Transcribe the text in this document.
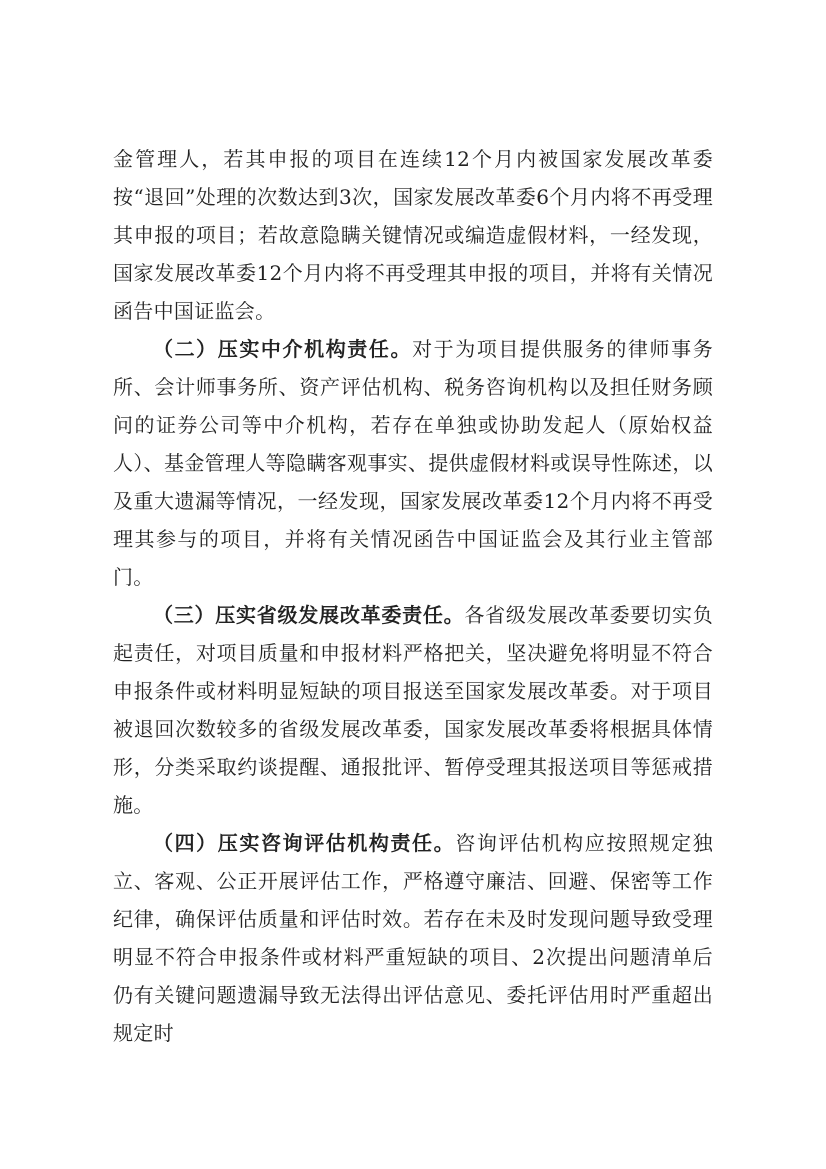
金管理人，若其申报的项目在连续12个月内被国家发展改革委按“退回”处理的次数达到3次，国家发展改革委6个月内将不再受理其申报的项目；若故意隐瞒关键情况或编造虚假材料，一经发现，国家发展改革委12个月内将不再受理其申报的项目，并将有关情况函告中国证监会。

（二）压实中介机构责任。对于为项目提供服务的律师事务所、会计师事务所、资产评估机构、税务咨询机构以及担任财务顾问的证券公司等中介机构，若存在单独或协助发起人（原始权益人）、基金管理人等隐瞒客观事实、提供虚假材料或误导性陈述，以及重大遗漏等情况，一经发现，国家发展改革委12个月内将不再受理其参与的项目，并将有关情况函告中国证监会及其行业主管部门。

（三）压实省级发展改革委责任。各省级发展改革委要切实负起责任，对项目质量和申报材料严格把关，坚决避免将明显不符合申报条件或材料明显短缺的项目报送至国家发展改革委。对于项目被退回次数较多的省级发展改革委，国家发展改革委将根据具体情形，分类采取约谈提醒、通报批评、暂停受理其报送项目等惩戒措施。

（四）压实咨询评估机构责任。咨询评估机构应按照规定独立、客观、公正开展评估工作，严格遵守廉洁、回避、保密等工作纪律，确保评估质量和评估时效。若存在未及时发现问题导致受理明显不符合申报条件或材料严重短缺的项目、2次提出问题清单后仍有关键问题遗漏导致无法得出评估意见、委托评估用时严重超出规定时
